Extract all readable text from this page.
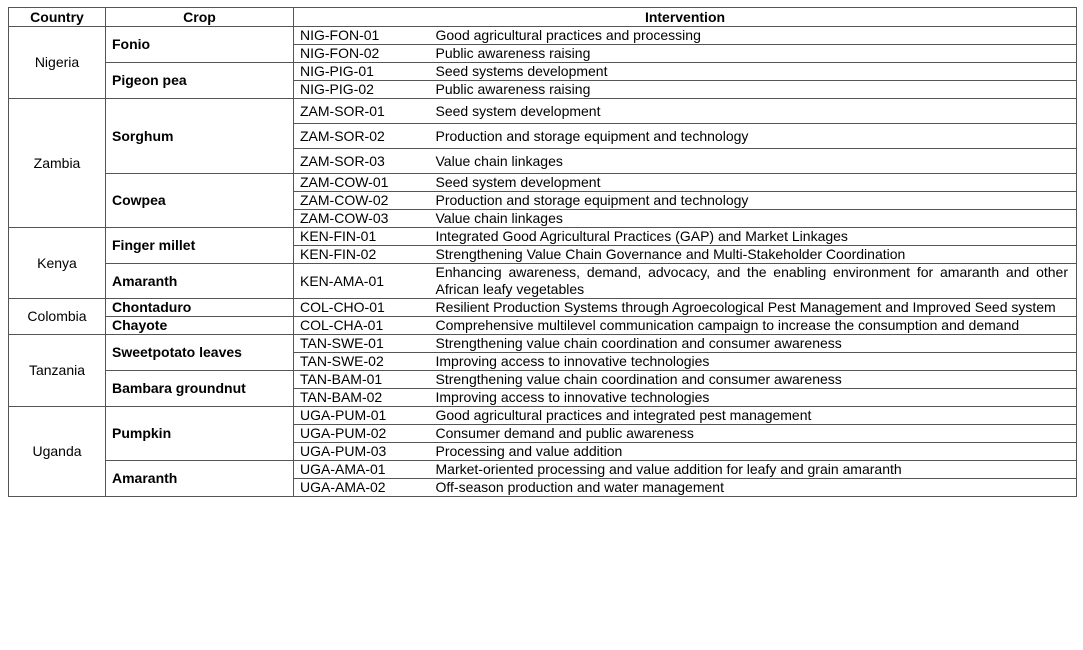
Country	Crop	Intervention	
Nigeria	Fonio	NIG-FON-01	Good agricultural practices and processing
		NIG-FON-02	Public awareness raising
	Pigeon pea	NIG-PIG-01	Seed systems development
		NIG-PIG-02	Public awareness raising
Zambia	Sorghum	ZAM-SOR-01	Seed system development
		ZAM-SOR-02	Production and storage equipment and technology
		ZAM-SOR-03	Value chain linkages
	Cowpea	ZAM-COW-01	Seed system development
		ZAM-COW-02	Production and storage equipment and technology
		ZAM-COW-03	Value chain linkages
Kenya	Finger millet	KEN-FIN-01	Integrated Good Agricultural Practices (GAP) and Market Linkages
		KEN-FIN-02	Strengthening Value Chain Governance and Multi-Stakeholder Coordination
	Amaranth	KEN-AMA-01	Enhancing awareness, demand, advocacy, and the enabling environment for amaranth and other African leafy vegetables
Colombia	Chontaduro	COL-CHO-01	Resilient Production Systems through Agroecological Pest Management and Improved Seed system
	Chayote	COL-CHA-01	Comprehensive multilevel communication campaign to increase the consumption and demand
Tanzania	Sweetpotato leaves	TAN-SWE-01	Strengthening value chain coordination and consumer awareness
		TAN-SWE-02	Improving access to innovative technologies
	Bambara groundnut	TAN-BAM-01	Strengthening value chain coordination and consumer awareness
		TAN-BAM-02	Improving access to innovative technologies
Uganda	Pumpkin	UGA-PUM-01	Good agricultural practices and integrated pest management
		UGA-PUM-02	Consumer demand and public awareness
		UGA-PUM-03	Processing and value addition
	Amaranth	UGA-AMA-01	Market-oriented processing and value addition for leafy and grain amaranth
		UGA-AMA-02	Off-season production and water management
